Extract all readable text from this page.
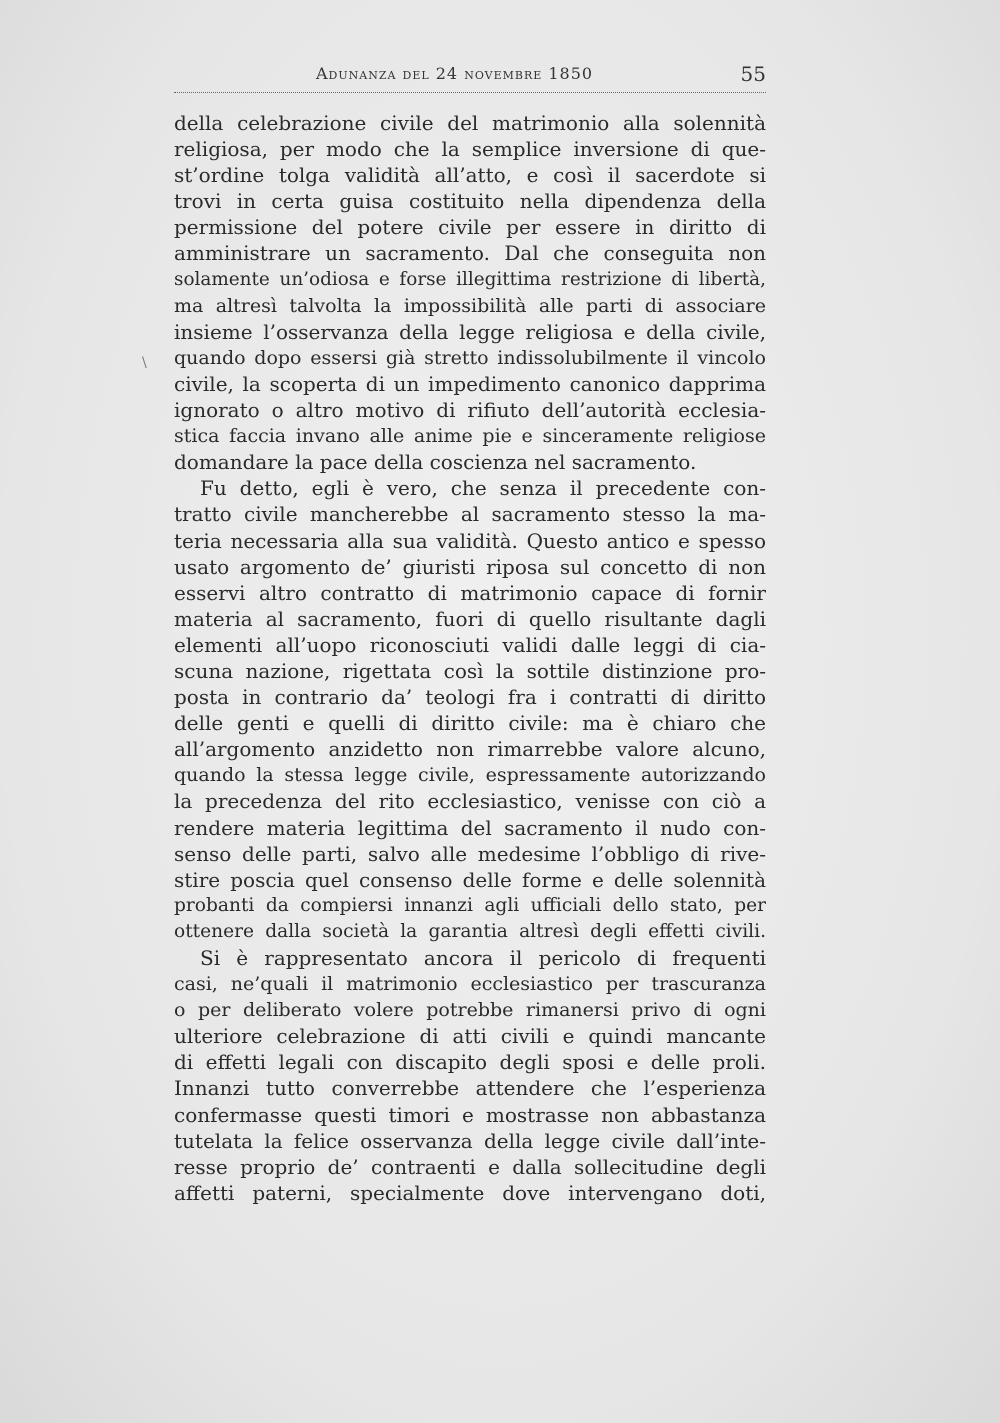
Adunanza del 24 novembre 1850	55
\
della celebrazione civile del matrimonio alla solennità
religiosa, per modo che la semplice inversione di que-
st’ordine tolga validità all’atto, e così il sacerdote si
trovi in certa guisa costituito nella dipendenza della
permissione del potere civile per essere in diritto di
amministrare un sacramento. Dal che conseguita non
solamente un’odiosa e forse illegittima restrizione di libertà,
ma altresì talvolta la impossibilità alle parti di associare
insieme l’osservanza della legge religiosa e della civile,
quando dopo essersi già stretto indissolubilmente il vincolo
civile, la scoperta di un impedimento canonico dapprima
ignorato o altro motivo di rifiuto dell’autorità ecclesia-
stica faccia invano alle anime pie e sinceramente religiose
domandare la pace della coscienza nel sacramento.
Fu detto, egli è vero, che senza il precedente con-
tratto civile mancherebbe al sacramento stesso la ma-
teria necessaria alla sua validità. Questo antico e spesso
usato argomento de’ giuristi riposa sul concetto di non
esservi altro contratto di matrimonio capace di fornir
materia al sacramento, fuori di quello risultante dagli
elementi all’uopo riconosciuti validi dalle leggi di cia-
scuna nazione, rigettata così la sottile distinzione pro-
posta in contrario da’ teologi fra i contratti di diritto
delle genti e quelli di diritto civile: ma è chiaro che
all’argomento anzidetto non rimarrebbe valore alcuno,
quando la stessa legge civile, espressamente autorizzando
la precedenza del rito ecclesiastico, venisse con ciò a
rendere materia legittima del sacramento il nudo con-
senso delle parti, salvo alle medesime l’obbligo di rive-
stire poscia quel consenso delle forme e delle solennità
probanti da compiersi innanzi agli ufficiali dello stato, per
ottenere dalla società la garantia altresì degli effetti civili.
Si è rappresentato ancora il pericolo di frequenti
casi, ne’quali il matrimonio ecclesiastico per trascuranza
o per deliberato volere potrebbe rimanersi privo di ogni
ulteriore celebrazione di atti civili e quindi mancante
di effetti legali con discapito degli sposi e delle proli.
Innanzi tutto converrebbe attendere che l’esperienza
confermasse questi timori e mostrasse non abbastanza
tutelata la felice osservanza della legge civile dall’inte-
resse proprio de’ contraenti e dalla sollecitudine degli
affetti paterni, specialmente dove intervengano doti,
